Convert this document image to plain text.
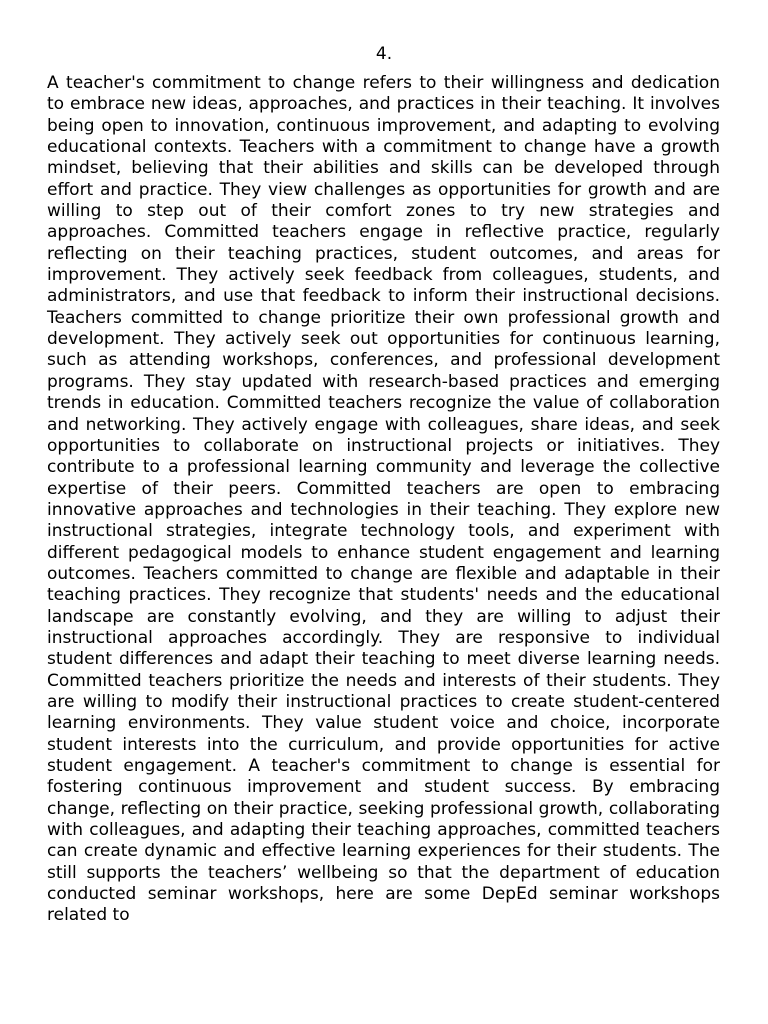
4.

A teacher's commitment to change refers to their willingness and dedication to embrace new ideas, approaches, and practices in their teaching. It involves being open to innovation, continuous improvement, and adapting to evolving educational contexts. Teachers with a commitment to change have a growth mindset, believing that their abilities and skills can be developed through effort and practice. They view challenges as opportunities for growth and are willing to step out of their comfort zones to try new strategies and approaches. Committed teachers engage in reflective practice, regularly reflecting on their teaching practices, student outcomes, and areas for improvement. They actively seek feedback from colleagues, students, and administrators, and use that feedback to inform their instructional decisions. Teachers committed to change prioritize their own professional growth and development. They actively seek out opportunities for continuous learning, such as attending workshops, conferences, and professional development programs. They stay updated with research-based practices and emerging trends in education. Committed teachers recognize the value of collaboration and networking. They actively engage with colleagues, share ideas, and seek opportunities to collaborate on instructional projects or initiatives. They contribute to a professional learning community and leverage the collective expertise of their peers. Committed teachers are open to embracing innovative approaches and technologies in their teaching. They explore new instructional strategies, integrate technology tools, and experiment with different pedagogical models to enhance student engagement and learning outcomes. Teachers committed to change are flexible and adaptable in their teaching practices. They recognize that students' needs and the educational landscape are constantly evolving, and they are willing to adjust their instructional approaches accordingly. They are responsive to individual student differences and adapt their teaching to meet diverse learning needs. Committed teachers prioritize the needs and interests of their students. They are willing to modify their instructional practices to create student-centered learning environments. They value student voice and choice, incorporate student interests into the curriculum, and provide opportunities for active student engagement. A teacher's commitment to change is essential for fostering continuous improvement and student success. By embracing change, reflecting on their practice, seeking professional growth, collaborating with colleagues, and adapting their teaching approaches, committed teachers can create dynamic and effective learning experiences for their students. The still supports the teachers’ wellbeing so that the department of education conducted seminar workshops, here are some DepEd seminar workshops related to
